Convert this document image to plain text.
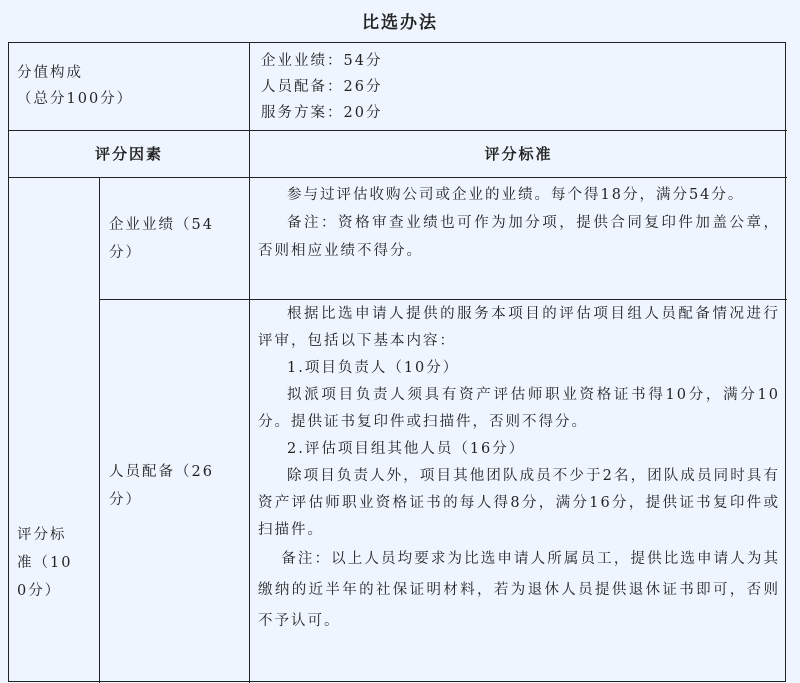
比选办法
分值构成
（总分100分）
企业业绩：54分
人员配备：26分
服务方案：20分
评分因素	评分标准
评分标
准（10
0分）
企业业绩（54
分）

参与过评估收购公司或企业的业绩。每个得18分，满分54分。

备注：资格审查业绩也可作为加分项，提供合同复印件加盖公章，否则相应业绩不得分。

人员配备（26
分）

根据比选申请人提供的服务本项目的评估项目组人员配备情况进行评审，包括以下基本内容：

1.项目负责人（10分）

拟派项目负责人须具有资产评估师职业资格证书得10分，满分10分。提供证书复印件或扫描件，否则不得分。

2.评估项目组其他人员（16分）

除项目负责人外，项目其他团队成员不少于2名，团队成员同时具有资产评估师职业资格证书的每人得8分，满分16分，提供证书复印件或扫描件。

备注：以上人员均要求为比选申请人所属员工，提供比选申请人为其缴纳的近半年的社保证明材料，若为退休人员提供退休证书即可，否则不予认可。
